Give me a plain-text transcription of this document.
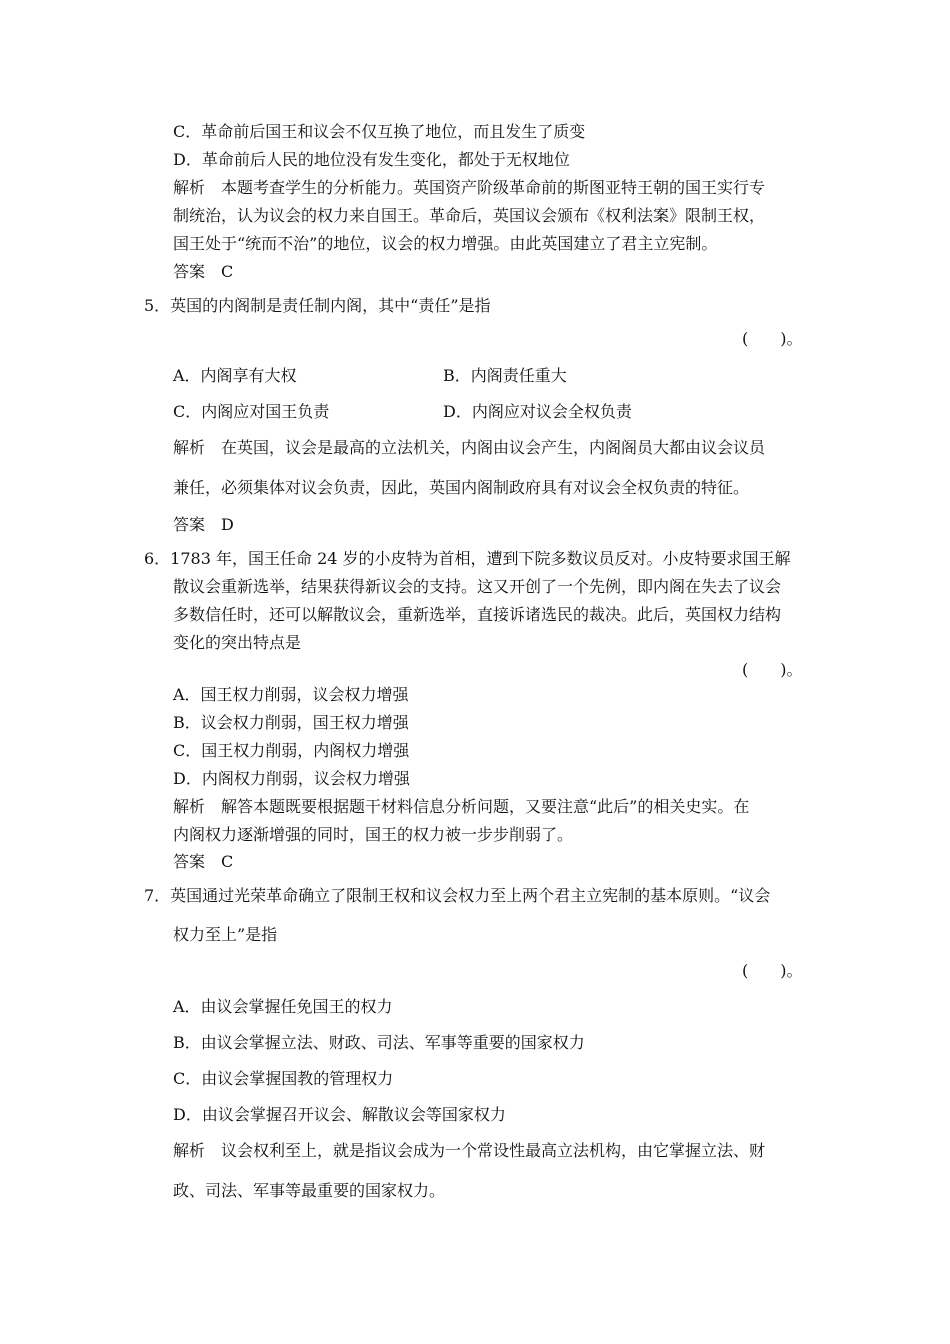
C．革命前后国王和议会不仅互换了地位，而且发生了质变
D．革命前后人民的地位没有发生变化，都处于无权地位
解析　本题考查学生的分析能力。英国资产阶级革命前的斯图亚特王朝的国王实行专
制统治，认为议会的权力来自国王。革命后，英国议会颁布《权利法案》限制王权，
国王处于“统而不治”的地位，议会的权力增强。由此英国建立了君主立宪制。
答案　C
5．英国的内阁制是责任制内阁，其中“责任”是指
(　　)。
A．内阁享有大权	B．内阁责任重大
C．内阁应对国王负责	D．内阁应对议会全权负责
解析　在英国，议会是最高的立法机关，内阁由议会产生，内阁阁员大都由议会议员
兼任，必须集体对议会负责，因此，英国内阁制政府具有对议会全权负责的特征。
答案　D
6．1783 年，国王任命 24 岁的小皮特为首相，遭到下院多数议员反对。小皮特要求国王解
散议会重新选举，结果获得新议会的支持。这又开创了一个先例，即内阁在失去了议会
多数信任时，还可以解散议会，重新选举，直接诉诸选民的裁决。此后，英国权力结构
变化的突出特点是
(　　)。
A．国王权力削弱，议会权力增强
B．议会权力削弱，国王权力增强
C．国王权力削弱，内阁权力增强
D．内阁权力削弱，议会权力增强
解析　解答本题既要根据题干材料信息分析问题，又要注意“此后”的相关史实。在
内阁权力逐渐增强的同时，国王的权力被一步步削弱了。
答案　C
7．英国通过光荣革命确立了限制王权和议会权力至上两个君主立宪制的基本原则。“议会
权力至上”是指
(　　)。
A．由议会掌握任免国王的权力
B．由议会掌握立法、财政、司法、军事等重要的国家权力
C．由议会掌握国教的管理权力
D．由议会掌握召开议会、解散议会等国家权力
解析　议会权利至上，就是指议会成为一个常设性最高立法机构，由它掌握立法、财
政、司法、军事等最重要的国家权力。
